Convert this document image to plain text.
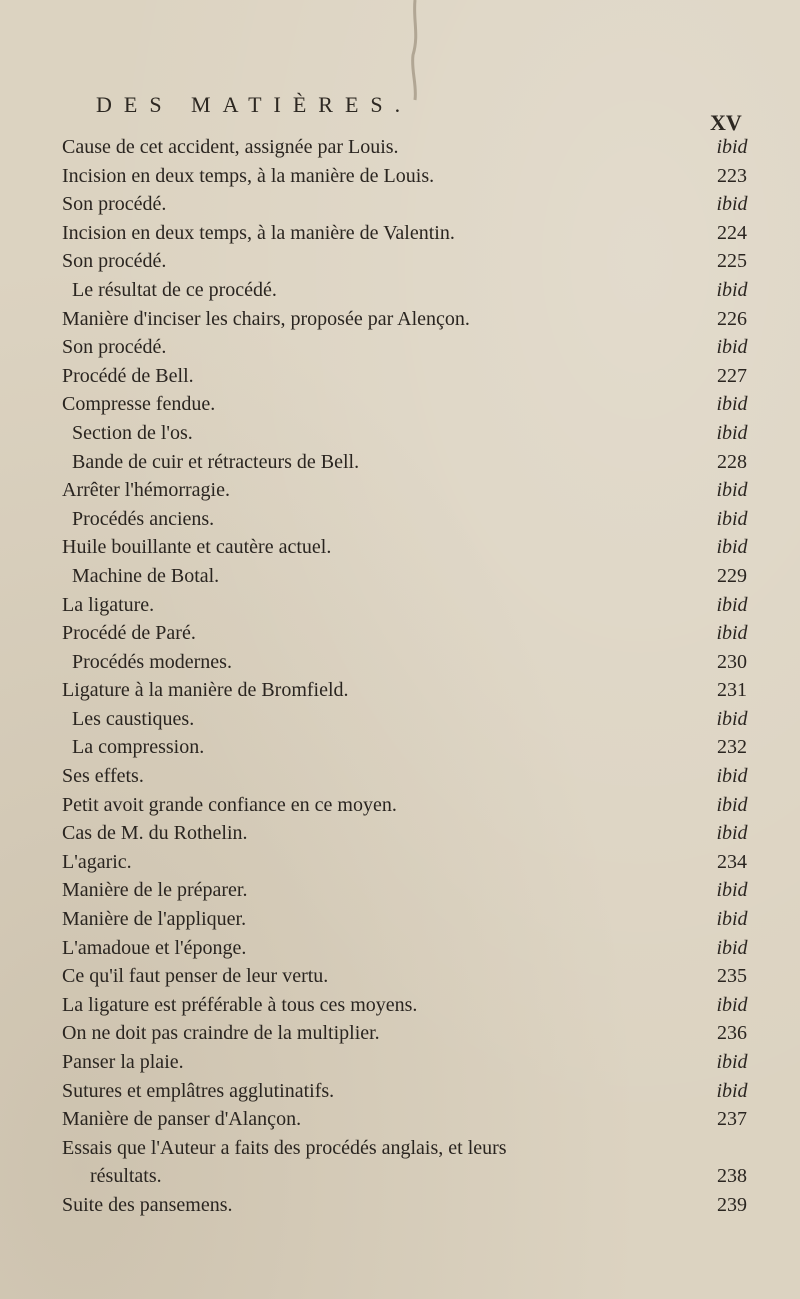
DES MATIÈRES.
XV
Cause de cet accident, assignée par Louis.	ibid
Incision en deux temps, à la manière de Louis.	223
Son procédé.	ibid
Incision en deux temps, à la manière de Valentin.	224
Son procédé.	225
Le résultat de ce procédé.	ibid
Manière d'inciser les chairs, proposée par Alençon.	226
Son procédé.	ibid
Procédé de Bell.	227
Compresse fendue.	ibid
Section de l'os.	ibid
Bande de cuir et rétracteurs de Bell.	228
Arrêter l'hémorragie.	ibid
Procédés anciens.	ibid
Huile bouillante et cautère actuel.	ibid
Machine de Botal.	229
La ligature.	ibid
Procédé de Paré.	ibid
Procédés modernes.	230
Ligature à la manière de Bromfield.	231
Les caustiques.	ibid
La compression.	232
Ses effets.	ibid
Petit avoit grande confiance en ce moyen.	ibid
Cas de M. du Rothelin.	ibid
L'agaric.	234
Manière de le préparer.	ibid
Manière de l'appliquer.	ibid
L'amadoue et l'éponge.	ibid
Ce qu'il faut penser de leur vertu.	235
La ligature est préférable à tous ces moyens.	ibid
On ne doit pas craindre de la multiplier.	236
Panser la plaie.	ibid
Sutures et emplâtres agglutinatifs.	ibid
Manière de panser d'Alançon.	237
Essais que l'Auteur a faits des procédés anglais, et leurs
résultats.	238
Suite des pansemens.	239
